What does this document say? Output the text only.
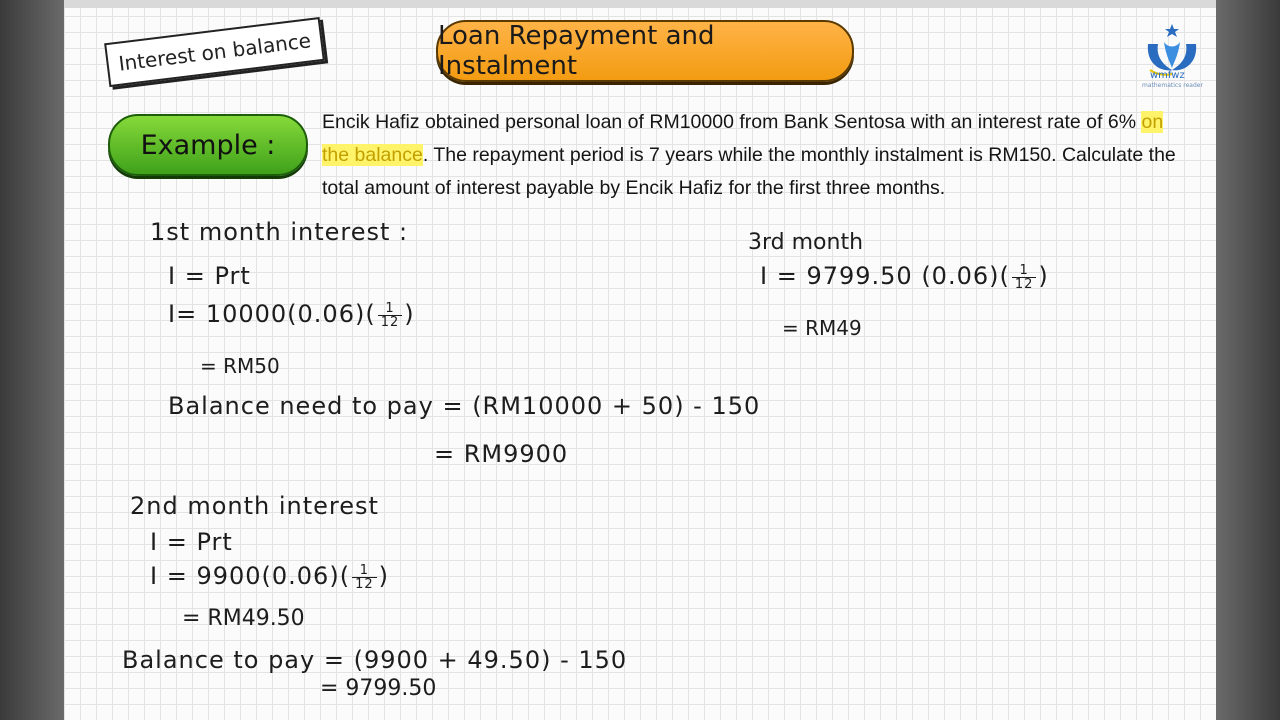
Interest on balance	Loan Repayment and Instalment	wmfwz
mathematics reader
Example :
Encik Hafiz obtained personal loan of RM10000 from Bank Sentosa with an interest rate of 6% on the balance. The repayment period is 7 years while the monthly instalment is RM150. Calculate the total amount of interest payable by Encik Hafiz for the first three months.
1st month interest :
I = Prt
$I= 10000(0.06)( \frac{1}{12}$ )
= RM50
Balance need to pay = (RM10000 + 50) - 150
= RM9900
2nd month interest
I = Prt
$I = 9900(0.06)( \frac{1}{12}$ )
= RM49.50
Balance to pay = (9900 + 49.50) - 150
= 9799.50
3rd month
I = 9799.50 $(0.06)( \frac{1}{12}$ )
= RM49
